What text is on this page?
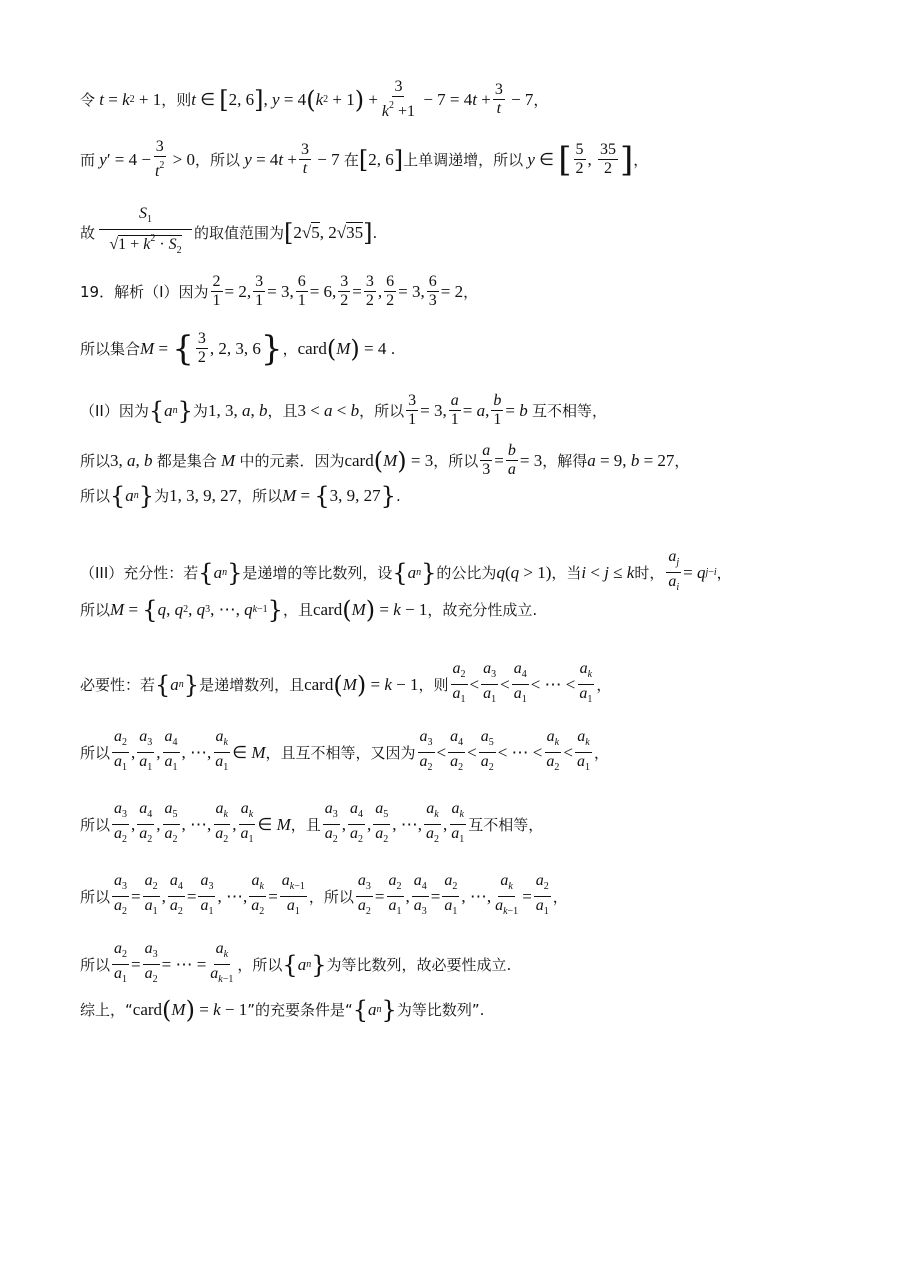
令
t = k 2 + 1 ，则 t ∈ [ 2, 6 ] , y = 4 ( k 2 + 1 ) + $\frac{3}{k^2 +1} - 7 = 4$ $t + \frac{3}{t} - 7$ ，
而
y ′ = $4 - \frac{3}{t^2} > 0$ ，所以
y = 4 $t + \frac{3}{t} - 7$ 在 [ 2, 6 ] 上单调递增，所以
y ∈ [ $\frac{5}{2}$ , $\frac{35}{2}$ ] ，
故 $\frac{S_1}{√1 + k^2 \cdot S_2}$ 的取值范围为 [ 2√ 5 , 2√ 35 ] .
19．解析（I）因为 $\frac{2}{1} = 2$, $\frac{3}{1} = 3$, $\frac{6}{1} = 6$, $\frac{3}{2} = \frac{3}{2}$ , $\frac{6}{2} = 3$, $\frac{6}{3} = 2$ ，
所以集合 M = { $\frac{3}{2}$ , 2, 3, 6 } ， card ( M ) = 4 .
（II）因为 { a n } 为 1, 3, a , b ，且 3 < a < b ，所以 $\frac{3}{1} = 3$, $\frac{a}{1} = a$ , $\frac{b}{1} = b$
互不相等，
所以 3, a , b
都是集合
M
中的元素．因为 card ( M ) = 3 ，所以 $\frac{a}{3} = \frac{b}{a} = 3$ ，解得 a = 9, b = 27 ，
所以 { a n } 为 1, 3, 9, 27 ，所以 M = { 3, 9, 27 } .
（III）充分性：若 { a n } 是递增的等比数列，设 { a n } 的公比为 q ( q > 1) ，当 i < j ≤ k 时， $\frac{a_j}{a_i} = q$ j−i ，
所以 M = { q , q 2 , q 3 , ⋯, q k−1 } ，且 card ( M ) = k − 1 ，故充分性成立.
必要性：若 { a n } 是递增数列，且 card ( M ) = k − 1 ，则 $\frac{a_2}{a_1} < \frac{a_3}{a_1} < \frac{a_4}{a_1}$ < ⋯ < $\frac{a_k}{a_1}$ ，
所以 $\frac{a_2}{a_1}$ , $\frac{a_3}{a_1}$ , $\frac{a_4}{a_1}$ , ⋯, $\frac{a_k}{a_1}$ ∈ M ，且互不相等，又因为 $\frac{a_3}{a_2} < \frac{a_4}{a_2} < \frac{a_5}{a_2}$ < ⋯ < $\frac{a_k}{a_2} < \frac{a_k}{a_1}$ ，
所以 $\frac{a_3}{a_2}$ , $\frac{a_4}{a_2}$ , $\frac{a_5}{a_2}$ , ⋯, $\frac{a_k}{a_2}$ , $\frac{a_k}{a_1}$ ∈ M ，且 $\frac{a_3}{a_2}$ , $\frac{a_4}{a_2}$ , $\frac{a_5}{a_2}$ , ⋯, $\frac{a_k}{a_2}$ , $\frac{a_k}{a_1}$ 互不相等，
所以 $\frac{a_3}{a_2} = \frac{a_2}{a_1}$ , $\frac{a_4}{a_2} = \frac{a_3}{a_1}$ , ⋯, $\frac{a_k}{a_2} = \frac{a_{k-1}}{a_1}$ ，所以 $\frac{a_3}{a_2} = \frac{a_2}{a_1}$ , $\frac{a_4}{a_3} = \frac{a_2}{a_1}$ , ⋯, $\frac{a_k}{a_{k-1}} = \frac{a_2}{a_1}$ ，
所以 $\frac{a_2}{a_1} = \frac{a_3}{a_2}$ = ⋯ = $\frac{a_k}{a_{k-1}}$ ，所以 { a n } 为等比数列，故必要性成立.
综上，“ card ( M ) = k − 1 ”的充要条件是“ { a n } 为等比数列”.
